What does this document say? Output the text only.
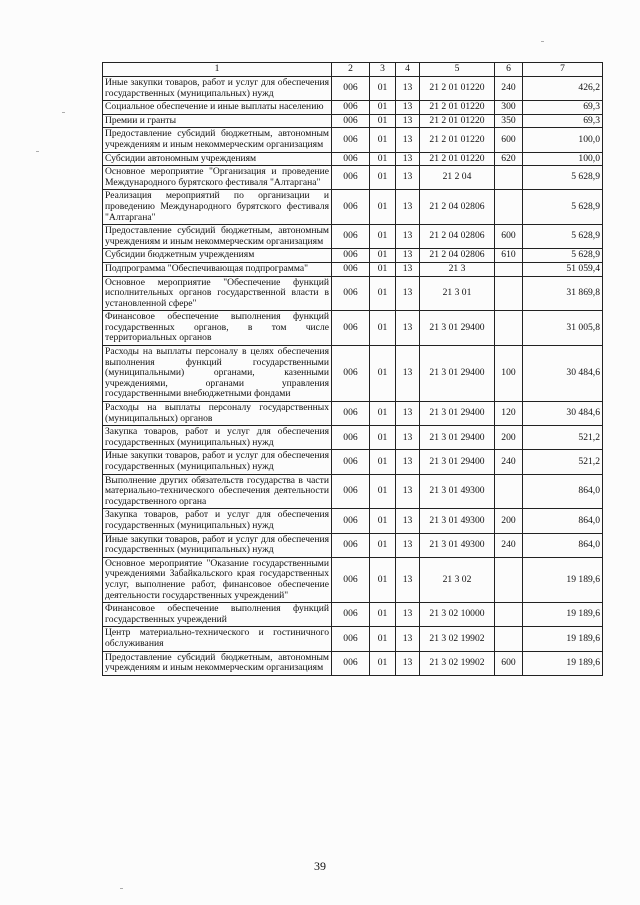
1	2	3	4	5	6	7
Иные закупки товаров, работ и услуг для обеспечения государственных (муниципальных) нужд	006	01	13	21 2 01 01220	240	426,2
Социальное обеспечение и иные выплаты населению	006	01	13	21 2 01 01220	300	69,3
Премии и гранты	006	01	13	21 2 01 01220	350	69,3
Предоставление субсидий бюджетным, автономным учреждениям и иным некоммерческим организациям	006	01	13	21 2 01 01220	600	100,0
Субсидии автономным учреждениям	006	01	13	21 2 01 01220	620	100,0
Основное мероприятие "Организация и проведение Международного бурятского фестиваля "Алтаргана"	006	01	13	21 2 04		5 628,9
Реализация мероприятий по организации и проведению Международного бурятского фестиваля "Алтаргана"	006	01	13	21 2 04 02806		5 628,9
Предоставление субсидий бюджетным, автономным учреждениям и иным некоммерческим организациям	006	01	13	21 2 04 02806	600	5 628,9
Субсидии бюджетным учреждениям	006	01	13	21 2 04 02806	610	5 628,9
Подпрограмма "Обеспечивающая подпрограмма"	006	01	13	21 3		51 059,4
Основное мероприятие "Обеспечение функций исполнительных органов государственной власти в установленной сфере"	006	01	13	21 3 01		31 869,8
Финансовое обеспечение выполнения функций государственных органов, в том числе территориальных органов	006	01	13	21 3 01 29400		31 005,8
Расходы на выплаты персоналу в целях обеспечения выполнения функций государственными (муниципальными) органами, казенными учреждениями, органами управления государственными внебюджетными фондами	006	01	13	21 3 01 29400	100	30 484,6
Расходы на выплаты персоналу государственных (муниципальных) органов	006	01	13	21 3 01 29400	120	30 484,6
Закупка товаров, работ и услуг для обеспечения государственных (муниципальных) нужд	006	01	13	21 3 01 29400	200	521,2
Иные закупки товаров, работ и услуг для обеспечения государственных (муниципальных) нужд	006	01	13	21 3 01 29400	240	521,2
Выполнение других обязательств государства в части материально-технического обеспечения деятельности государственного органа	006	01	13	21 3 01 49300		864,0
Закупка товаров, работ и услуг для обеспечения государственных (муниципальных) нужд	006	01	13	21 3 01 49300	200	864,0
Иные закупки товаров, работ и услуг для обеспечения государственных (муниципальных) нужд	006	01	13	21 3 01 49300	240	864,0
Основное мероприятие "Оказание государственными учреждениями Забайкальского края государственных услуг, выполнение работ, финансовое обеспечение деятельности государственных учреждений"	006	01	13	21 3 02		19 189,6
Финансовое обеспечение выполнения функций государственных учреждений	006	01	13	21 3 02 10000		19 189,6
Центр материально-технического и гостиничного обслуживания	006	01	13	21 3 02 19902		19 189,6
Предоставление субсидий бюджетным, автономным учреждениям и иным некоммерческим организациям	006	01	13	21 3 02 19902	600	19 189,6
39
